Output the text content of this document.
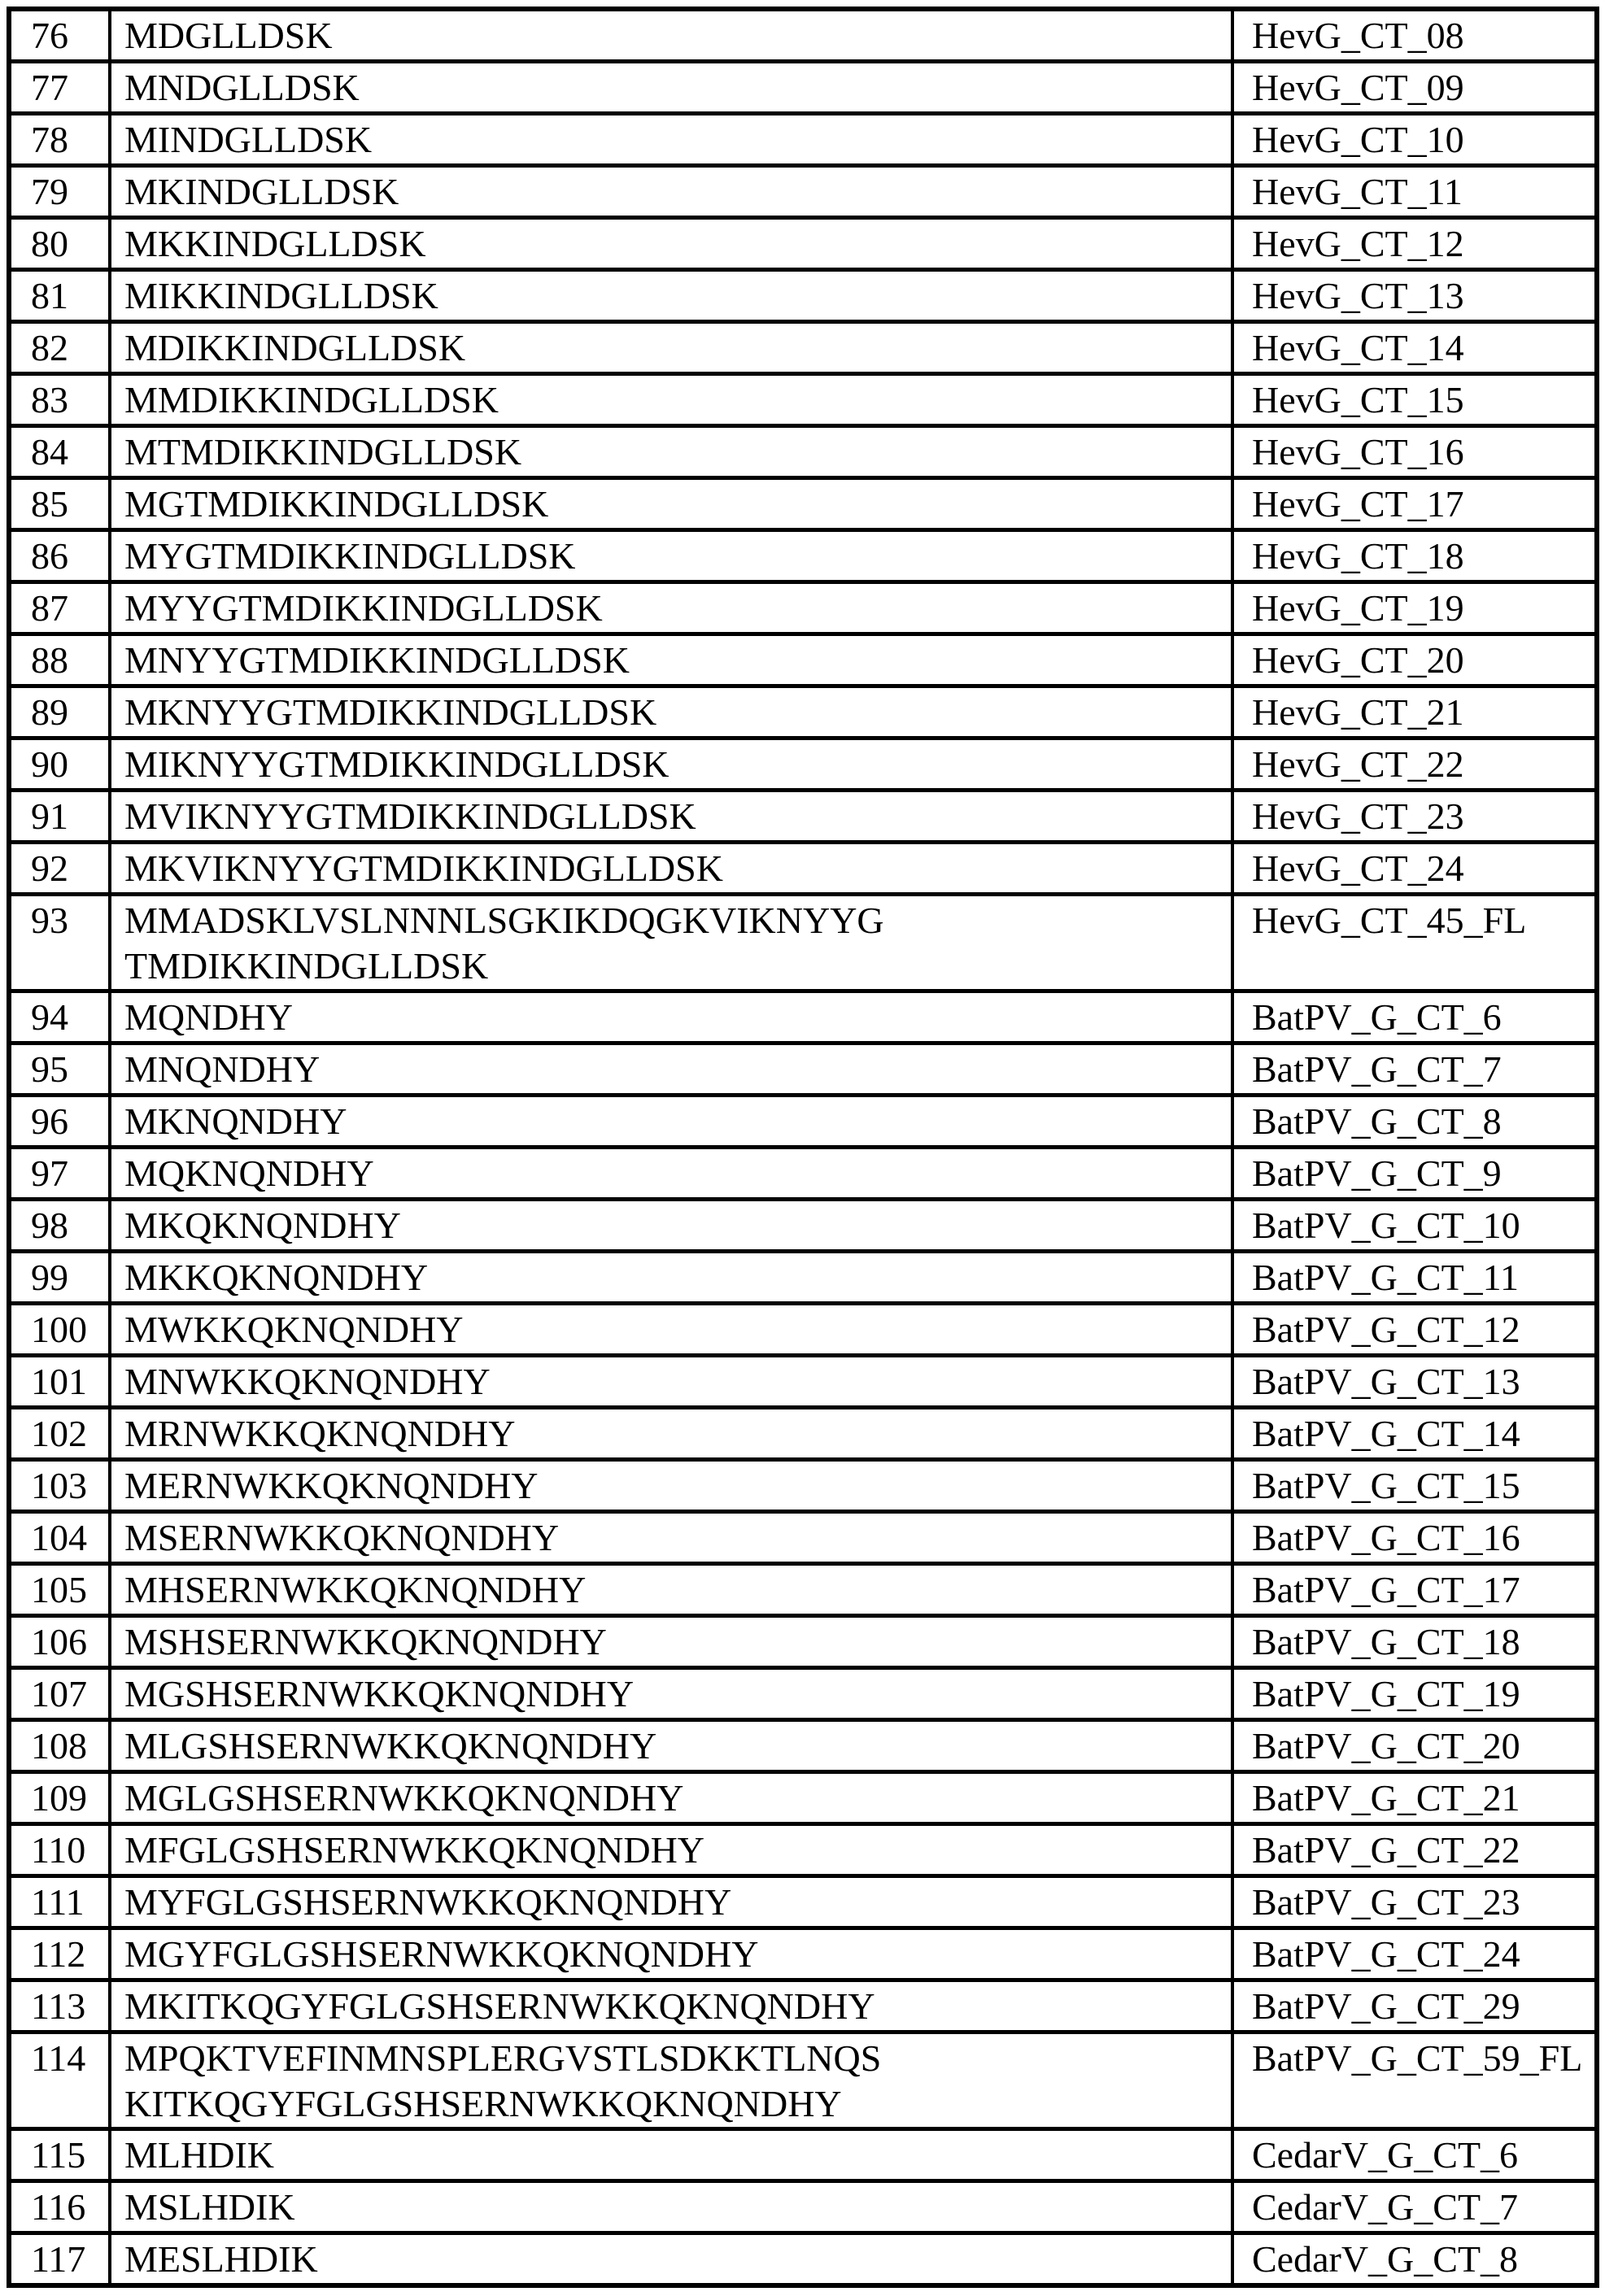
76	MDGLLDSK	HevG_CT_08
77	MNDGLLDSK	HevG_CT_09
78	MINDGLLDSK	HevG_CT_10
79	MKINDGLLDSK	HevG_CT_11
80	MKKINDGLLDSK	HevG_CT_12
81	MIKKINDGLLDSK	HevG_CT_13
82	MDIKKINDGLLDSK	HevG_CT_14
83	MMDIKKINDGLLDSK	HevG_CT_15
84	MTMDIKKINDGLLDSK	HevG_CT_16
85	MGTMDIKKINDGLLDSK	HevG_CT_17
86	MYGTMDIKKINDGLLDSK	HevG_CT_18
87	MYYGTMDIKKINDGLLDSK	HevG_CT_19
88	MNYYGTMDIKKINDGLLDSK	HevG_CT_20
89	MKNYYGTMDIKKINDGLLDSK	HevG_CT_21
90	MIKNYYGTMDIKKINDGLLDSK	HevG_CT_22
91	MVIKNYYGTMDIKKINDGLLDSK	HevG_CT_23
92	MKVIKNYYGTMDIKKINDGLLDSK	HevG_CT_24
93	MMADSKLVSLNNNLSGKIKDQGKVIKNYYG
TMDIKKINDGLLDSK	HevG_CT_45_FL
94	MQNDHY	BatPV_G_CT_6
95	MNQNDHY	BatPV_G_CT_7
96	MKNQNDHY	BatPV_G_CT_8
97	MQKNQNDHY	BatPV_G_CT_9
98	MKQKNQNDHY	BatPV_G_CT_10
99	MKKQKNQNDHY	BatPV_G_CT_11
100	MWKKQKNQNDHY	BatPV_G_CT_12
101	MNWKKQKNQNDHY	BatPV_G_CT_13
102	MRNWKKQKNQNDHY	BatPV_G_CT_14
103	MERNWKKQKNQNDHY	BatPV_G_CT_15
104	MSERNWKKQKNQNDHY	BatPV_G_CT_16
105	MHSERNWKKQKNQNDHY	BatPV_G_CT_17
106	MSHSERNWKKQKNQNDHY	BatPV_G_CT_18
107	MGSHSERNWKKQKNQNDHY	BatPV_G_CT_19
108	MLGSHSERNWKKQKNQNDHY	BatPV_G_CT_20
109	MGLGSHSERNWKKQKNQNDHY	BatPV_G_CT_21
110	MFGLGSHSERNWKKQKNQNDHY	BatPV_G_CT_22
111	MYFGLGSHSERNWKKQKNQNDHY	BatPV_G_CT_23
112	MGYFGLGSHSERNWKKQKNQNDHY	BatPV_G_CT_24
113	MKITKQGYFGLGSHSERNWKKQKNQNDHY	BatPV_G_CT_29
114	MPQKTVEFINMNSPLERGVSTLSDKKTLNQS
KITKQGYFGLGSHSERNWKKQKNQNDHY	BatPV_G_CT_59_FL
115	MLHDIK	CedarV_G_CT_6
116	MSLHDIK	CedarV_G_CT_7
117	MESLHDIK	CedarV_G_CT_8
